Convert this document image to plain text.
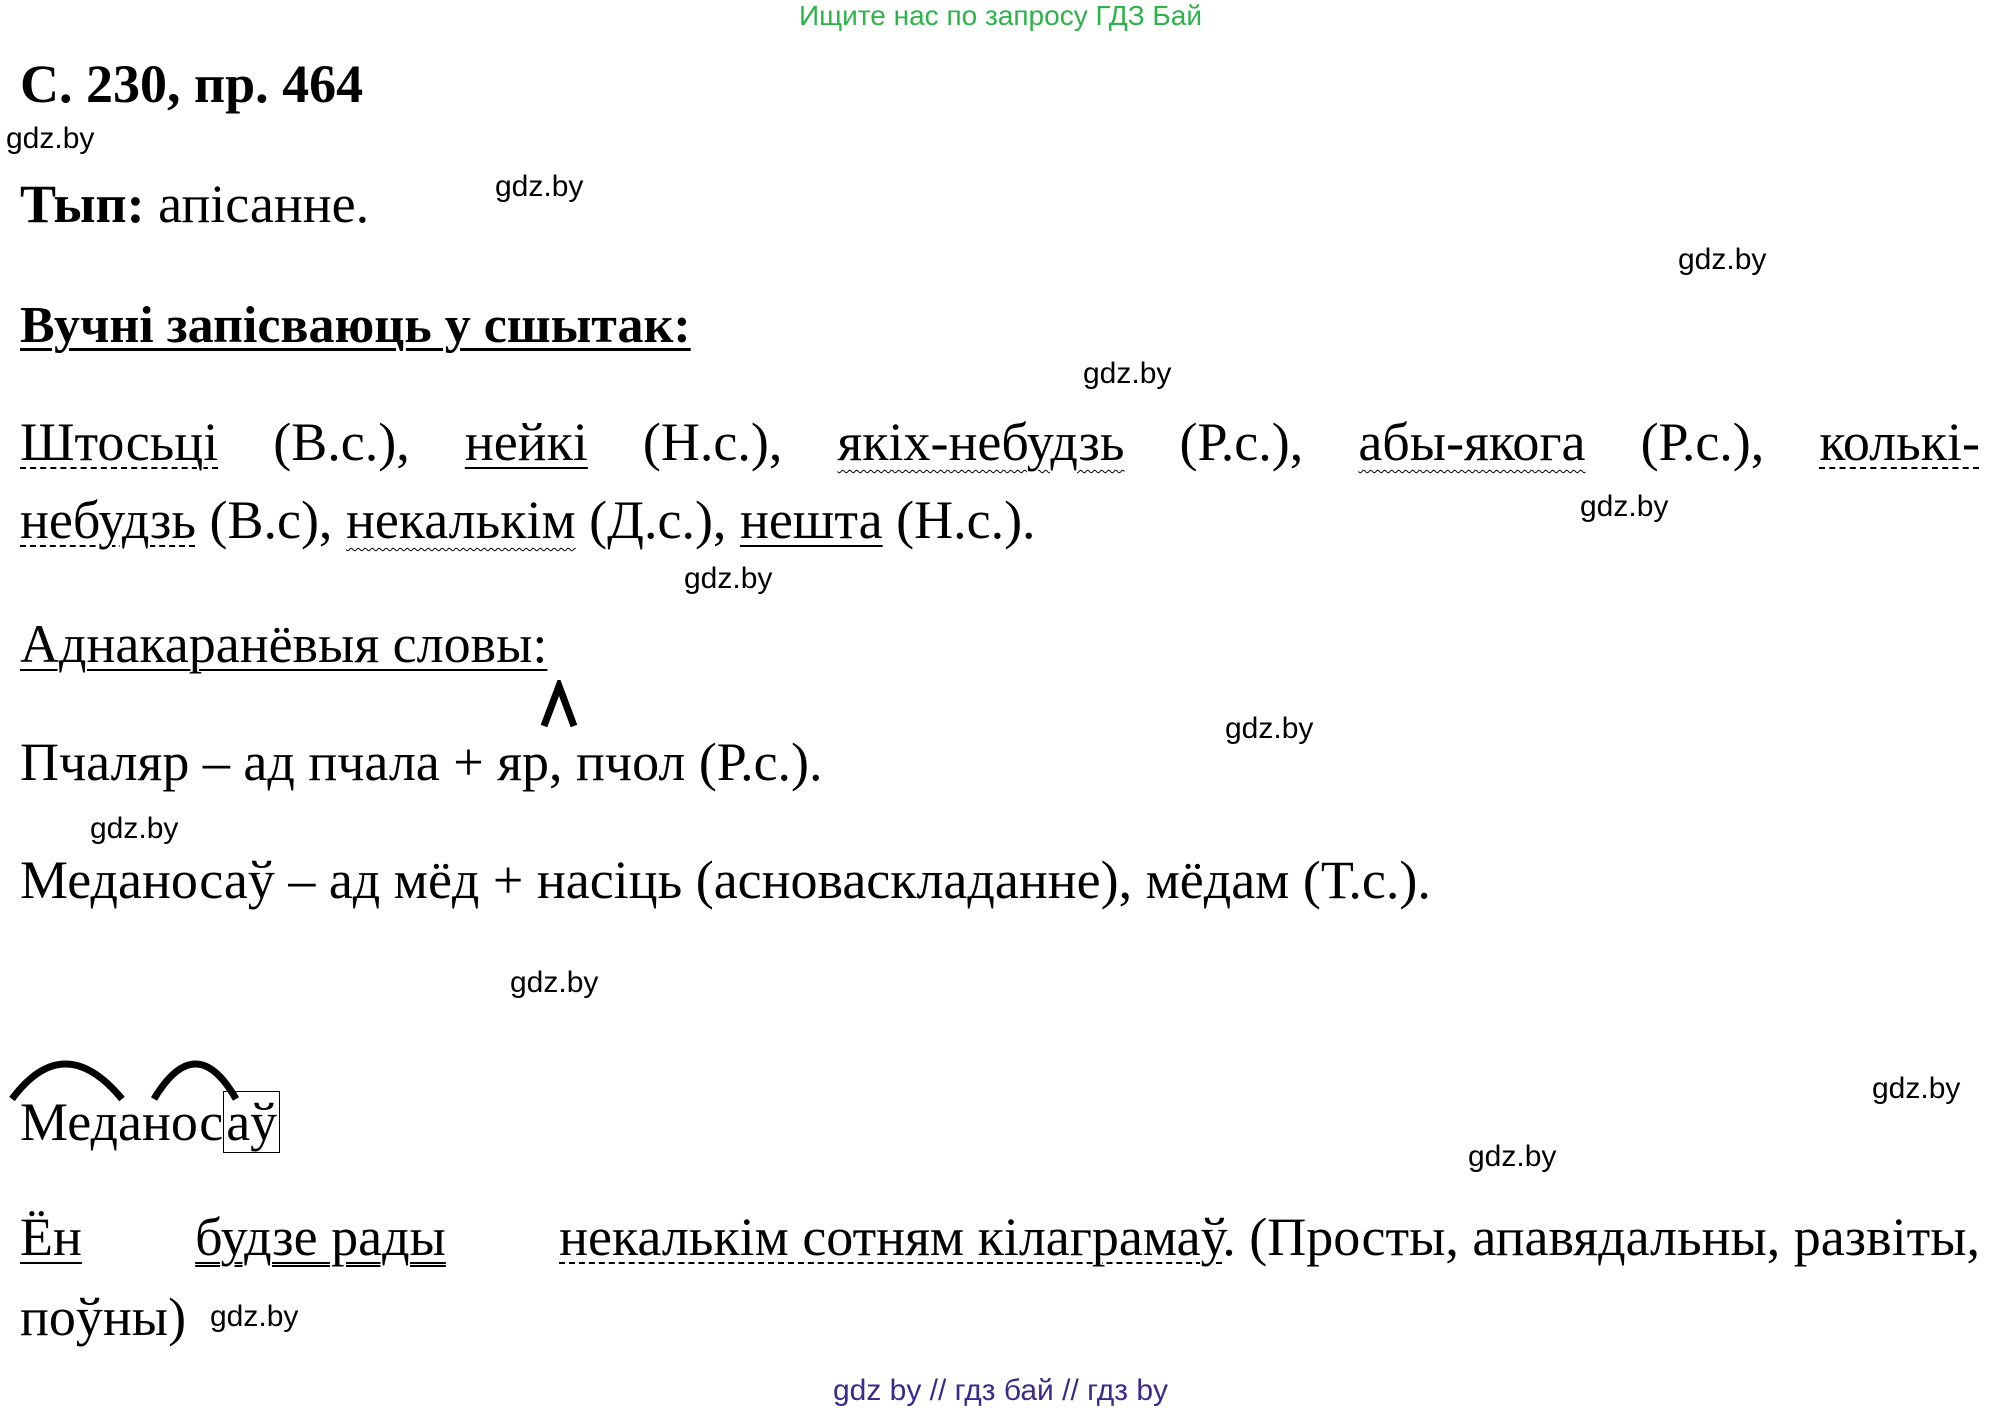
Ищите нас по запросу ГДЗ Бай
С. 230, пр. 464
gdz.by
gdz.by
gdz.by
gdz.by
gdz.by
gdz.by
gdz.by
gdz.by
gdz.by
gdz.by
gdz.by
gdz.by
Тып: апісанне.
Вучні запісваюць у сшытак:
Штосьці (В.с.), нейкі (Н.с.), якіх-небудзь (Р.с.), абы-якога (Р.с.), колькі-
небудзь (В.с), некалькім (Д.с.), нешта (Н.с.).
Аднакаранёвыя словы:
Пчаляр – ад пчала + яр, пчол (Р.с.).
Меданосаў – ад мёд + насіць (асноваскладанне), мёдам (Т.с.).
Меданосаў
Ён будзе рады некалькім сотням кілаграмаў. (Просты, апавядальны, развіты,
поўны)
gdz by // гдз бай // гдз by
